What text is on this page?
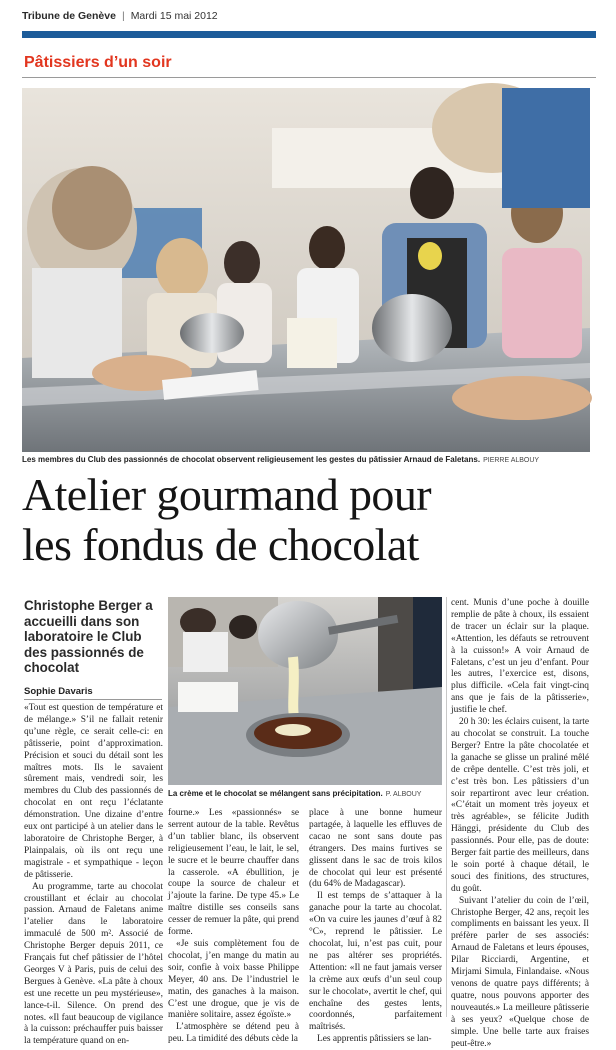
Tribune de Genève | Mardi 15 mai 2012
Pâtissiers d’un soir
Les membres du Club des passionnés de chocolat observent religieusement les gestes du pâtissier Arnaud de Faletans. PIERRE ALBOUY
Atelier gourmand pour
les fondus de chocolat
Christophe Berger a accueilli dans son laboratoire le Club des passionnés de chocolat
Sophie Davaris

«Tout est question de température et de mélange.» S’il ne fallait retenir qu’une règle, ce serait celle-ci: en pâtisserie, point d’approximation. Précision et souci du détail sont les maîtres mots. Ils le savaient sûrement mais, vendredi soir, les membres du Club des passionnés de chocolat en ont reçu l’éclatante démonstration. Une dizaine d’entre eux ont participé à un atelier dans le laboratoire de Christophe Berger, à Plainpalais, où ils ont reçu une magistrale - et sympathique - leçon de pâtisserie.

Au programme, tarte au chocolat croustillant et éclair au chocolat passion. Arnaud de Faletans anime l’atelier dans le laboratoire immaculé de 500 m². Associé de Christophe Berger depuis 2011, ce Français fut chef pâtissier de l’hôtel Georges V à Paris, puis de celui des Bergues à Genève. «La pâte à choux est une recette un peu mystérieuse», lance-t-il. Silence. On prend des notes. «Il faut beaucoup de vigilance à la cuisson: préchauffer puis baisser la température quand on en-

La crème et le chocolat se mélangent sans précipitation. P. ALBOUY

fourne.» Les «passionnés» se serrent autour de la table. Revêtus d’un tablier blanc, ils observent religieusement l’eau, le lait, le sel, le sucre et le beurre chauffer dans la casserole. «A ébullition, je coupe la source de chaleur et j’ajoute la farine. De type 45.» Le maître distille ses conseils sans cesser de remuer la pâte, qui prend forme.

«Je suis complètement fou de chocolat, j’en mange du matin au soir, confie à voix basse Philippe Meyer, 40 ans. De l’industriel le matin, des ganaches à la maison. C’est une drogue, que je vis de manière solitaire, assez égoïste.»

L’atmosphère se détend peu à peu. La timidité des débuts cède la

place à une bonne humeur partagée, à laquelle les effluves de cacao ne sont sans doute pas étrangers. Des mains furtives se glissent dans le sac de trois kilos de chocolat qui leur est présenté (du 64% de Madagascar).

Il est temps de s’attaquer à la ganache pour la tarte au chocolat. «On va cuire les jaunes d’œuf à 82 °C», reprend le pâtissier. Le chocolat, lui, n’est pas cuit, pour ne pas altérer ses propriétés. Attention: «Il ne faut jamais verser la crème aux œufs d’un seul coup sur le chocolat», avertit le chef, qui enchaîne des gestes lents, coordonnés, parfaitement maîtrisés.

Les apprentis pâtissiers se lan-

cent. Munis d’une poche à douille remplie de pâte à choux, ils essaient de tracer un éclair sur la plaque. «Attention, les défauts se retrouvent à la cuisson!» A voir Arnaud de Faletans, c’est un jeu d’enfant. Pour les autres, l’exercice est, disons, plus difficile. «Cela fait vingt-cinq ans que je fais de la pâtisserie», justifie le chef.

20 h 30: les éclairs cuisent, la tarte au chocolat se construit. La touche Berger? Entre la pâte chocolatée et la ganache se glisse un praliné mêlé de crêpe dentelle. C’est très joli, et c’est très bon. Les pâtissiers d’un soir repartiront avec leur création. «C’était un moment très joyeux et très agréable», se félicite Judith Hänggi, présidente du Club des passionnés. Pour elle, pas de doute: Berger fait partie des meilleurs, dans le soin porté à chaque détail, le souci des finitions, des structures, du goût.

Suivant l’atelier du coin de l’œil, Christophe Berger, 42 ans, reçoit les compliments en baissant les yeux. Il préfère parler de ses associés: Arnaud de Faletans et leurs épouses, Pilar Ricciardi, Argentine, et Mirjami Simula, Finlandaise. «Nous venons de quatre pays différents; à quatre, nous pouvons apporter des nouveautés.» La meilleure pâtisserie à ses yeux? «Quelque chose de simple. Une belle tarte aux fraises peut-être.»
